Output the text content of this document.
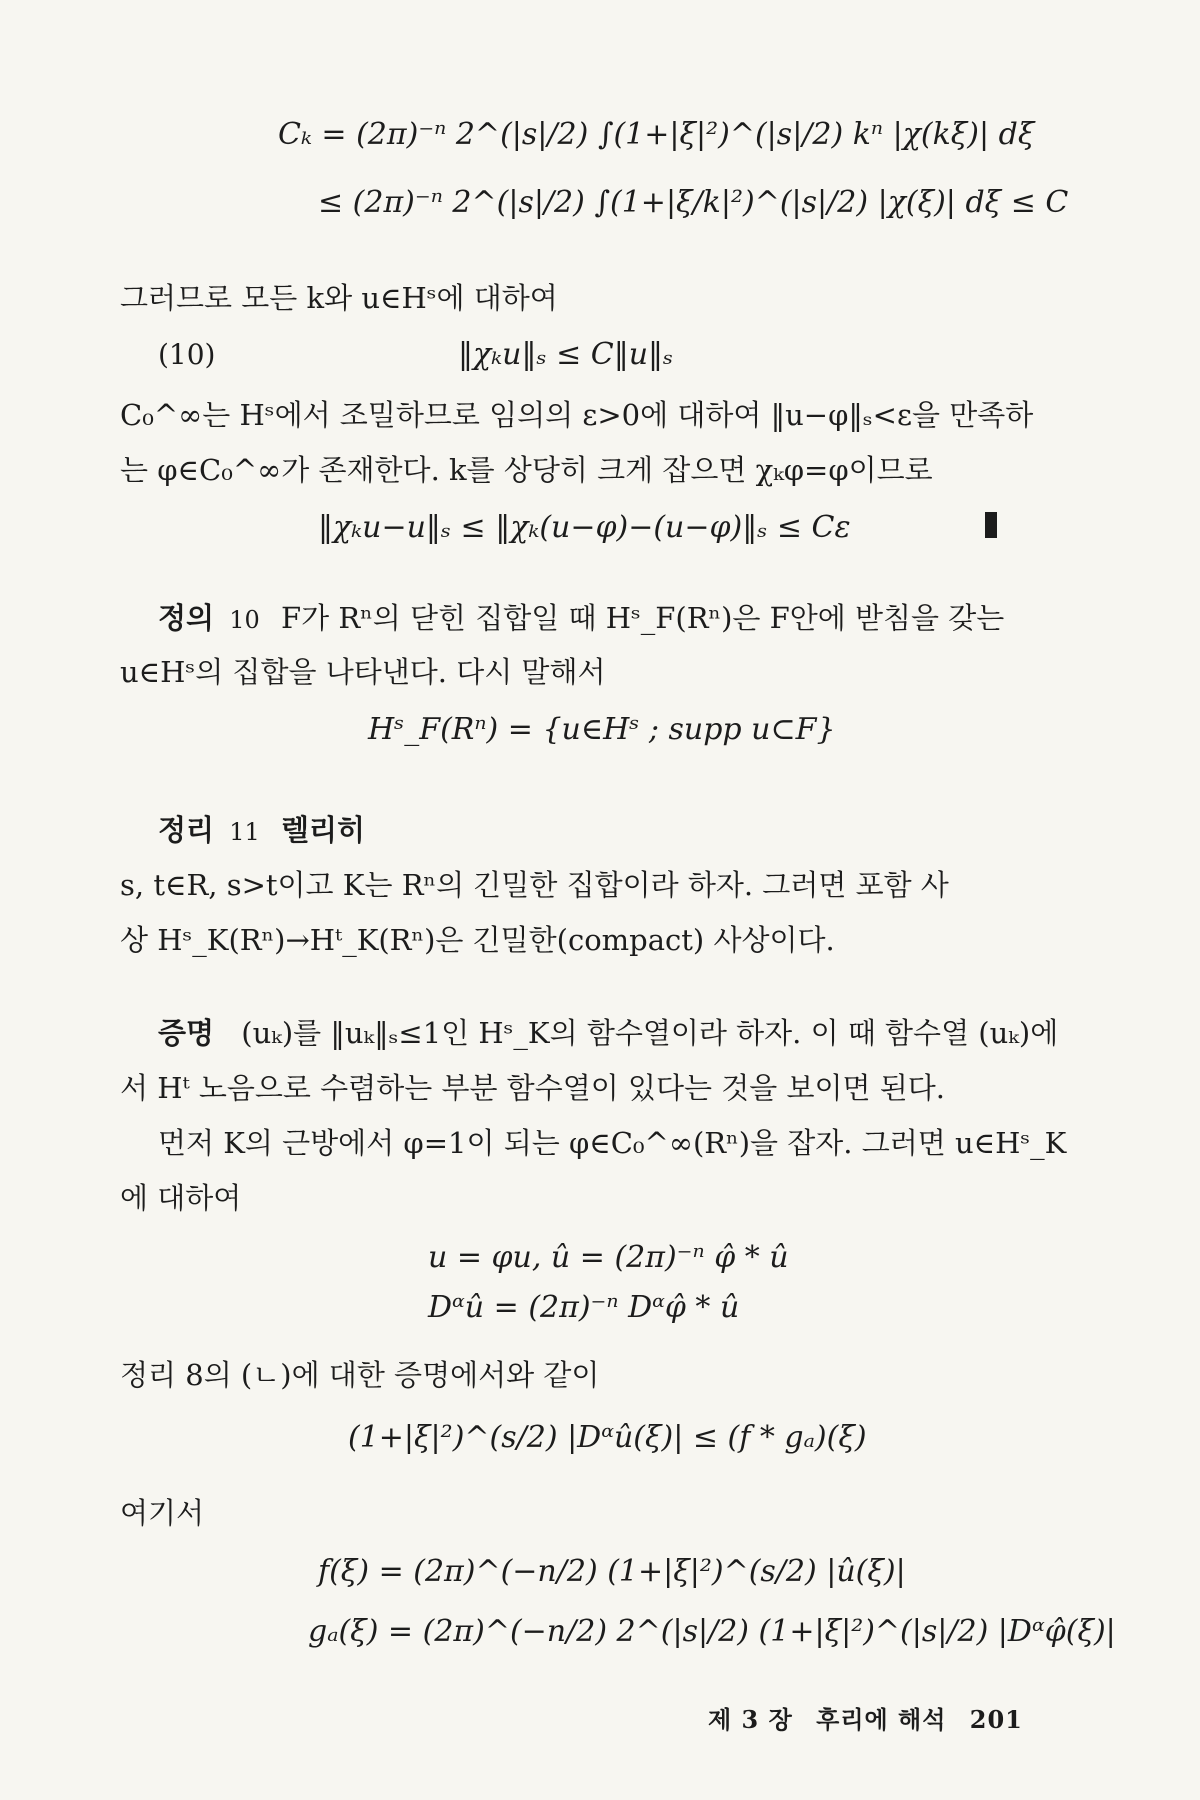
Cₖ = (2π)⁻ⁿ 2^(|s|/2) ∫(1+|ξ|²)^(|s|/2) kⁿ |χ(kξ)| dξ
≤ (2π)⁻ⁿ 2^(|s|/2) ∫(1+|ξ/k|²)^(|s|/2) |χ(ξ)| dξ ≤ C
그러므로 모든 k와 u∈Hˢ에 대하여
(10)	‖χₖu‖ₛ ≤ C‖u‖ₛ
C₀^∞는 Hˢ에서 조밀하므로 임의의 ε>0에 대하여 ‖u−φ‖ₛ<ε을 만족하
는 φ∈C₀^∞가 존재한다. k를 상당히 크게 잡으면 χₖφ=φ이므로
‖χₖu−u‖ₛ ≤ ‖χₖ(u−φ)−(u−φ)‖ₛ ≤ Cε
정의 10 F가 Rⁿ의 닫힌 집합일 때 Hˢ_F(Rⁿ)은 F안에 받침을 갖는
u∈Hˢ의 집합을 나타낸다. 다시 말해서
Hˢ_F(Rⁿ) = {u∈Hˢ ; supp u⊂F}
정리 11 렐리히
s, t∈R, s>t이고 K는 Rⁿ의 긴밀한 집합이라 하자. 그러면 포함 사
상 Hˢ_K(Rⁿ)→Hᵗ_K(Rⁿ)은 긴밀한(compact) 사상이다.
증명 (uₖ)를 ‖uₖ‖ₛ≤1인 Hˢ_K의 함수열이라 하자. 이 때 함수열 (uₖ)에
서 Hᵗ 노음으로 수렴하는 부분 함수열이 있다는 것을 보이면 된다.
먼저 K의 근방에서 φ=1이 되는 φ∈C₀^∞(Rⁿ)을 잡자. 그러면 u∈Hˢ_K
에 대하여
u = φu, û = (2π)⁻ⁿ φ̂ * û
Dᵅû = (2π)⁻ⁿ Dᵅφ̂ * û
정리 8의 (ㄴ)에 대한 증명에서와 같이
(1+|ξ|²)^(s/2) |Dᵅû(ξ)| ≤ (f * gₐ)(ξ)
여기서
f(ξ) = (2π)^(−n/2) (1+|ξ|²)^(s/2) |û(ξ)|
gₐ(ξ) = (2π)^(−n/2) 2^(|s|/2) (1+|ξ|²)^(|s|/2) |Dᵅφ̂(ξ)|
제 3 장 후리에 해석 201
